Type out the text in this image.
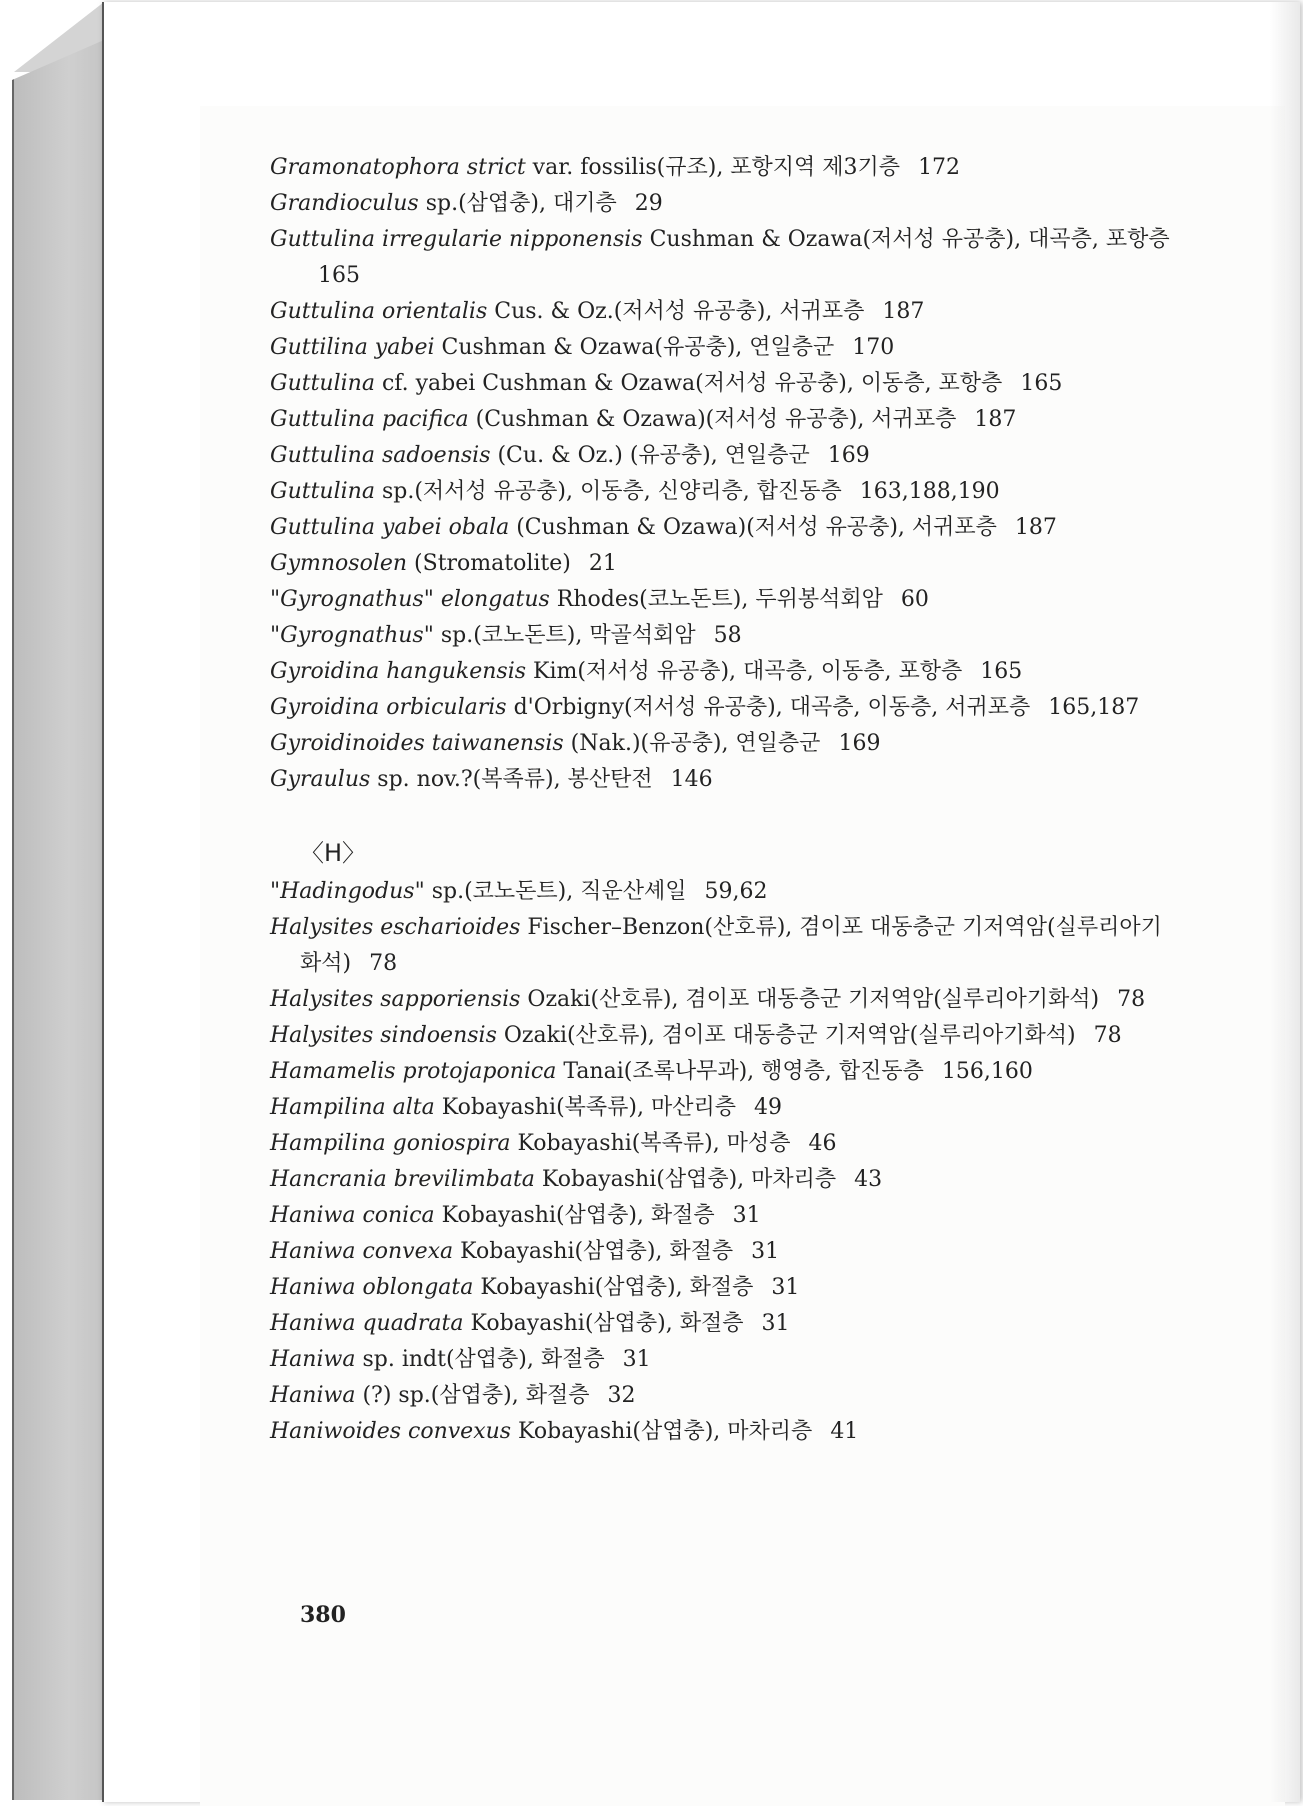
Gramonatophora strict var. fossilis(규조), 포항지역 제3기층 172

Grandioculus sp.(삼엽충), 대기층 29

Guttulina irregularie nipponensis Cushman & Ozawa(저서성 유공충), 대곡층, 포항층165

Guttulina orientalis Cus. & Oz.(저서성 유공충), 서귀포층 187

Guttilina yabei Cushman & Ozawa(유공충), 연일층군 170

Guttulina cf. yabei Cushman & Ozawa(저서성 유공충), 이동층, 포항층 165

Guttulina pacifica (Cushman & Ozawa)(저서성 유공충), 서귀포층 187

Guttulina sadoensis (Cu. & Oz.) (유공충), 연일층군 169

Guttulina sp.(저서성 유공충), 이동층, 신양리층, 합진동층 163,188,190

Guttulina yabei obala (Cushman & Ozawa)(저서성 유공충), 서귀포층 187

Gymnosolen (Stromatolite) 21

"Gyrognathus" elongatus Rhodes(코노돈트), 두위봉석회암 60

"Gyrognathus" sp.(코노돈트), 막골석회암 58

Gyroidina hangukensis Kim(저서성 유공충), 대곡층, 이동층, 포항층 165

Gyroidina orbicularis d'Orbigny(저서성 유공충), 대곡층, 이동층, 서귀포층 165,187

Gyroidinoides taiwanensis (Nak.)(유공충), 연일층군 169

Gyraulus sp. nov.?(복족류), 봉산탄전 146

〈H〉

"Hadingodus" sp.(코노돈트), 직운산셰일 59,62

Halysites escharioides Fischer–Benzon(산호류), 겸이포 대동층군 기저역암(실루리아기화석) 78

Halysites sapporiensis Ozaki(산호류), 겸이포 대동층군 기저역암(실루리아기화석) 78

Halysites sindoensis Ozaki(산호류), 겸이포 대동층군 기저역암(실루리아기화석) 78

Hamamelis protojaponica Tanai(조록나무과), 행영층, 합진동층 156,160

Hampilina alta Kobayashi(복족류), 마산리층 49

Hampilina goniospira Kobayashi(복족류), 마성층 46

Hancrania brevilimbata Kobayashi(삼엽충), 마차리층 43

Haniwa conica Kobayashi(삼엽충), 화절층 31

Haniwa convexa Kobayashi(삼엽충), 화절층 31

Haniwa oblongata Kobayashi(삼엽충), 화절층 31

Haniwa quadrata Kobayashi(삼엽충), 화절층 31

Haniwa sp. indt(삼엽충), 화절층 31

Haniwa (?) sp.(삼엽충), 화절층 32

Haniwoides convexus Kobayashi(삼엽충), 마차리층 41

380
